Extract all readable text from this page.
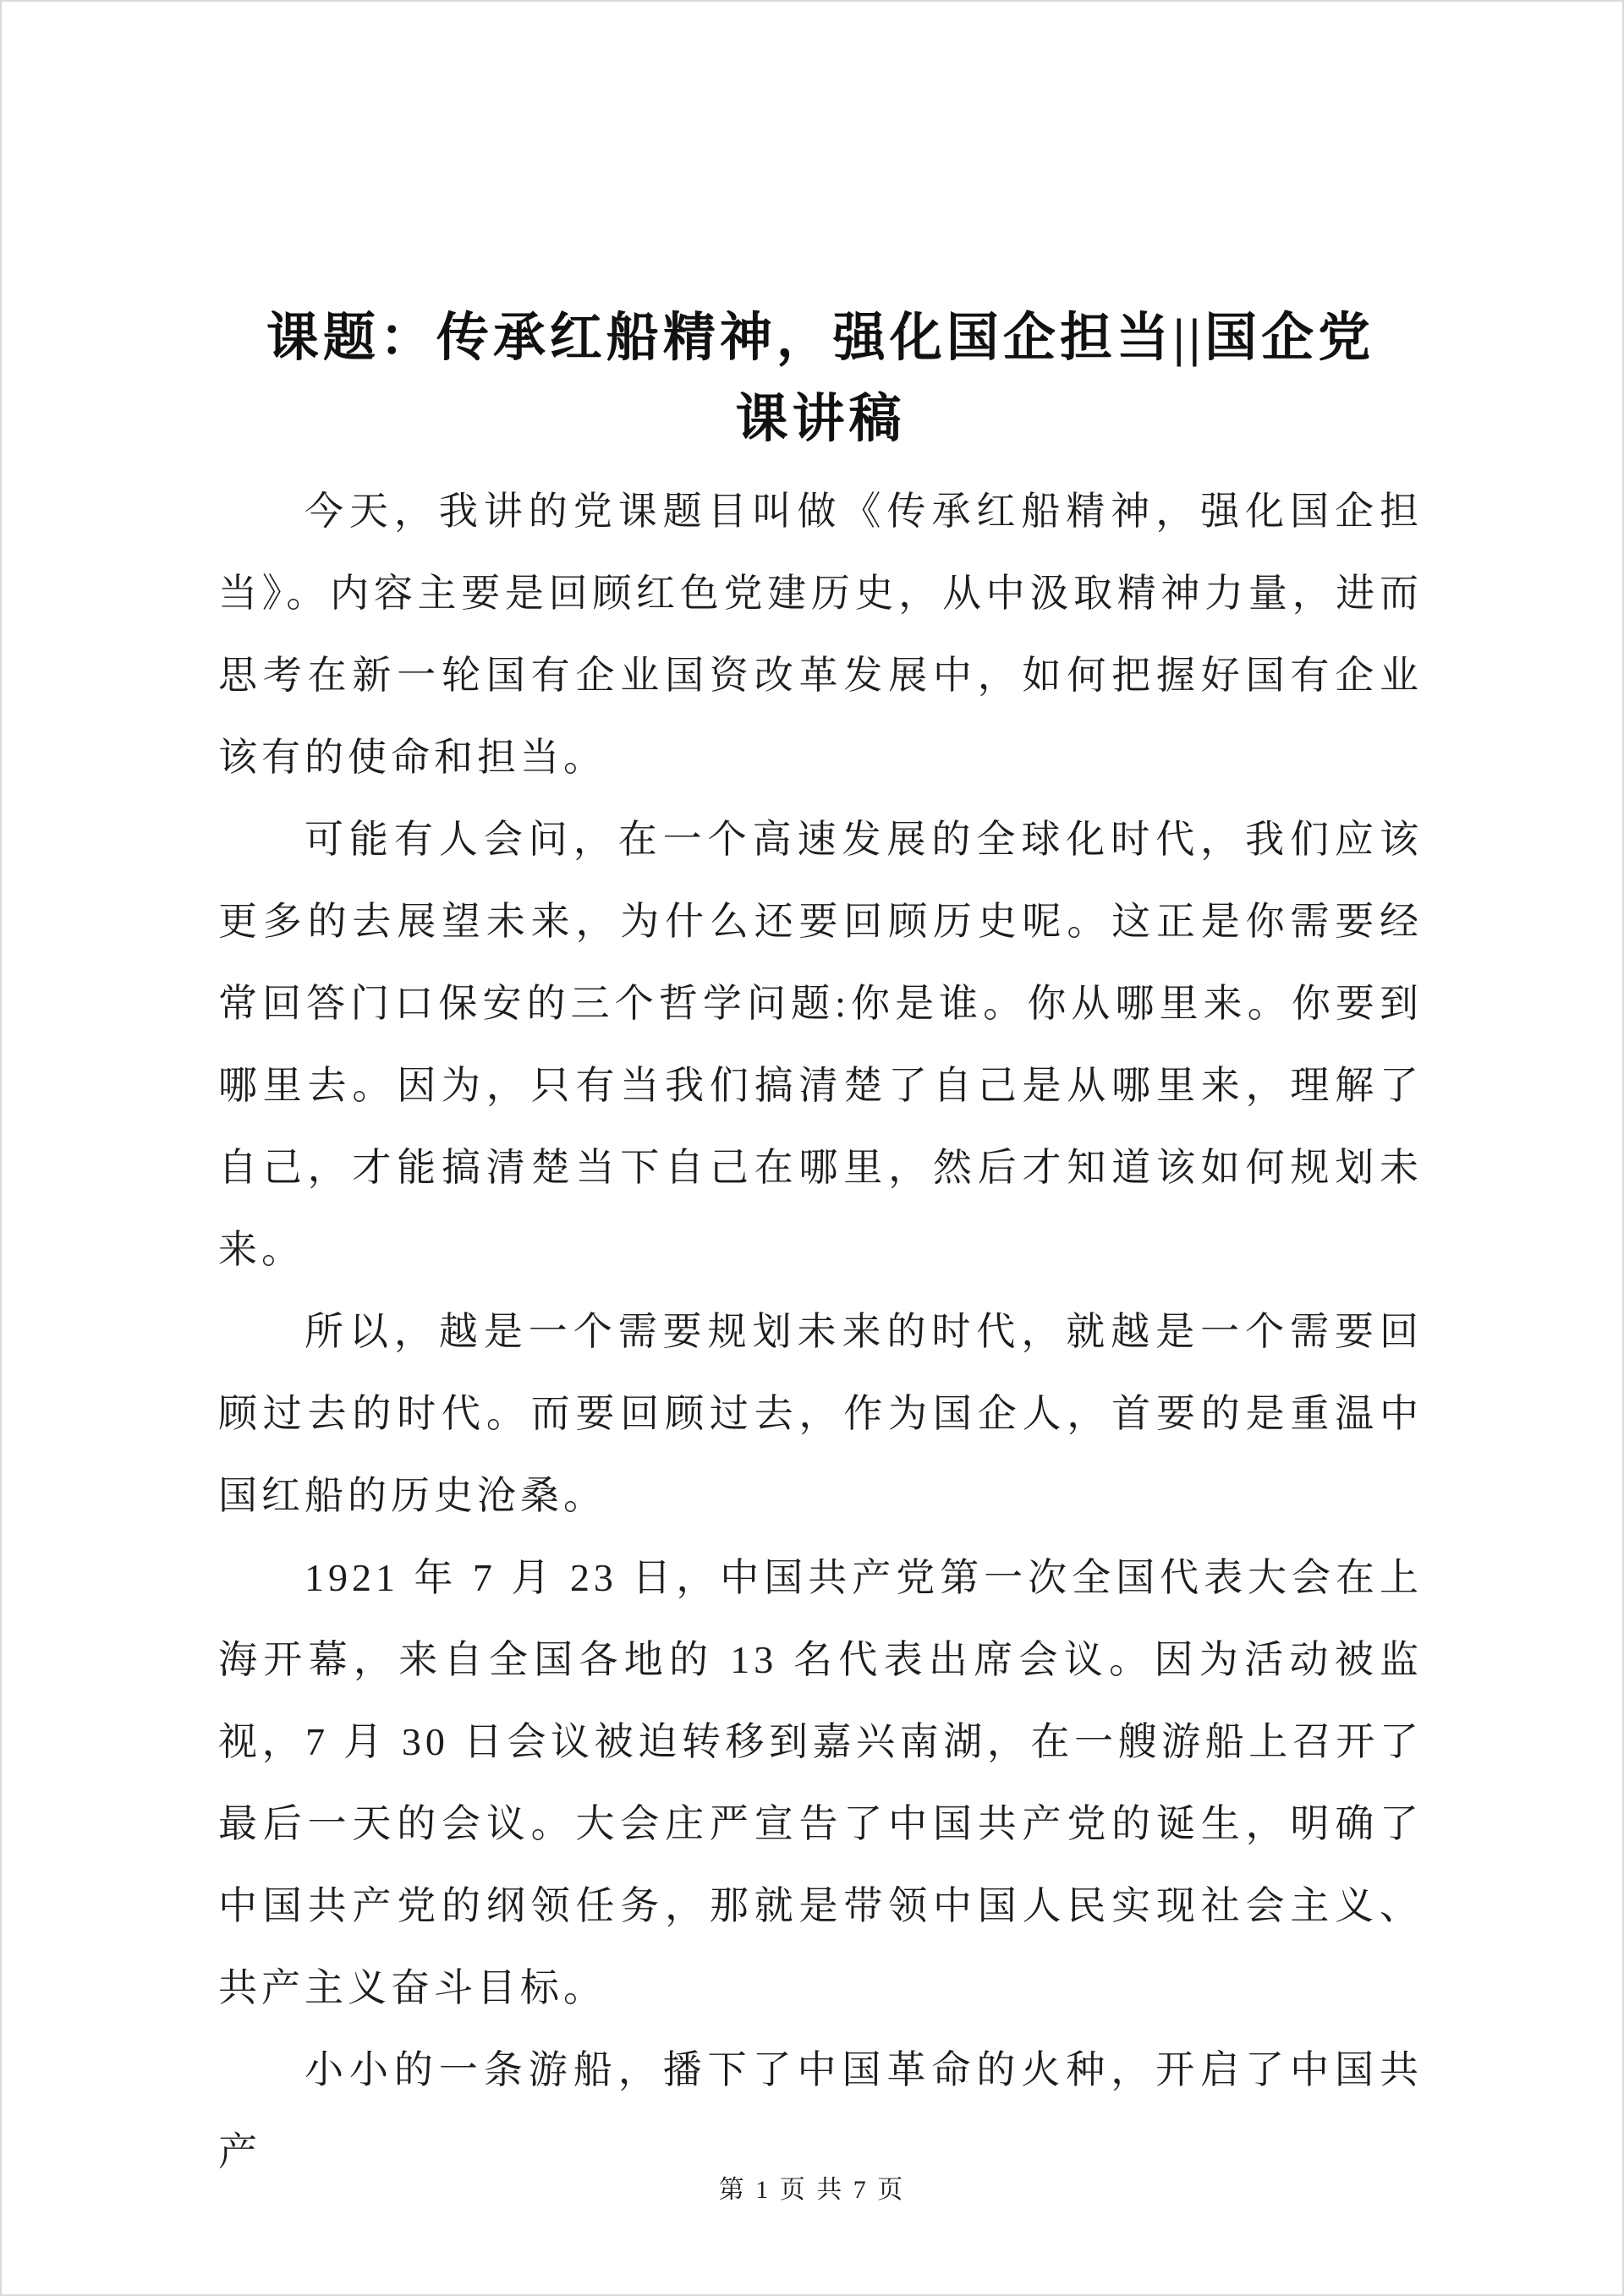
课题：传承红船精神，强化国企担当||国企党
课讲稿

今天，我讲的党课题目叫做《传承红船精神，强化国企担当》。内容主要是回顾红色党建历史，从中汲取精神力量，进而思考在新一轮国有企业国资改革发展中，如何把握好国有企业该有的使命和担当。

可能有人会问，在一个高速发展的全球化时代，我们应该更多的去展望未来，为什么还要回顾历史呢。这正是你需要经常回答门口保安的三个哲学问题:你是谁。你从哪里来。你要到哪里去。因为，只有当我们搞清楚了自己是从哪里来，理解了自己，才能搞清楚当下自己在哪里，然后才知道该如何规划未来。

所以，越是一个需要规划未来的时代，就越是一个需要回顾过去的时代。而要回顾过去，作为国企人，首要的是重温中国红船的历史沧桑。

1921 年 7 月 23 日，中国共产党第一次全国代表大会在上海开幕，来自全国各地的 13 名代表出席会议。因为活动被监视，7 月 30 日会议被迫转移到嘉兴南湖，在一艘游船上召开了最后一天的会议。大会庄严宣告了中国共产党的诞生，明确了中国共产党的纲领任务，那就是带领中国人民实现社会主义、共产主义奋斗目标。

小小的一条游船，播下了中国革命的火种，开启了中国共产

第 1 页 共 7 页
